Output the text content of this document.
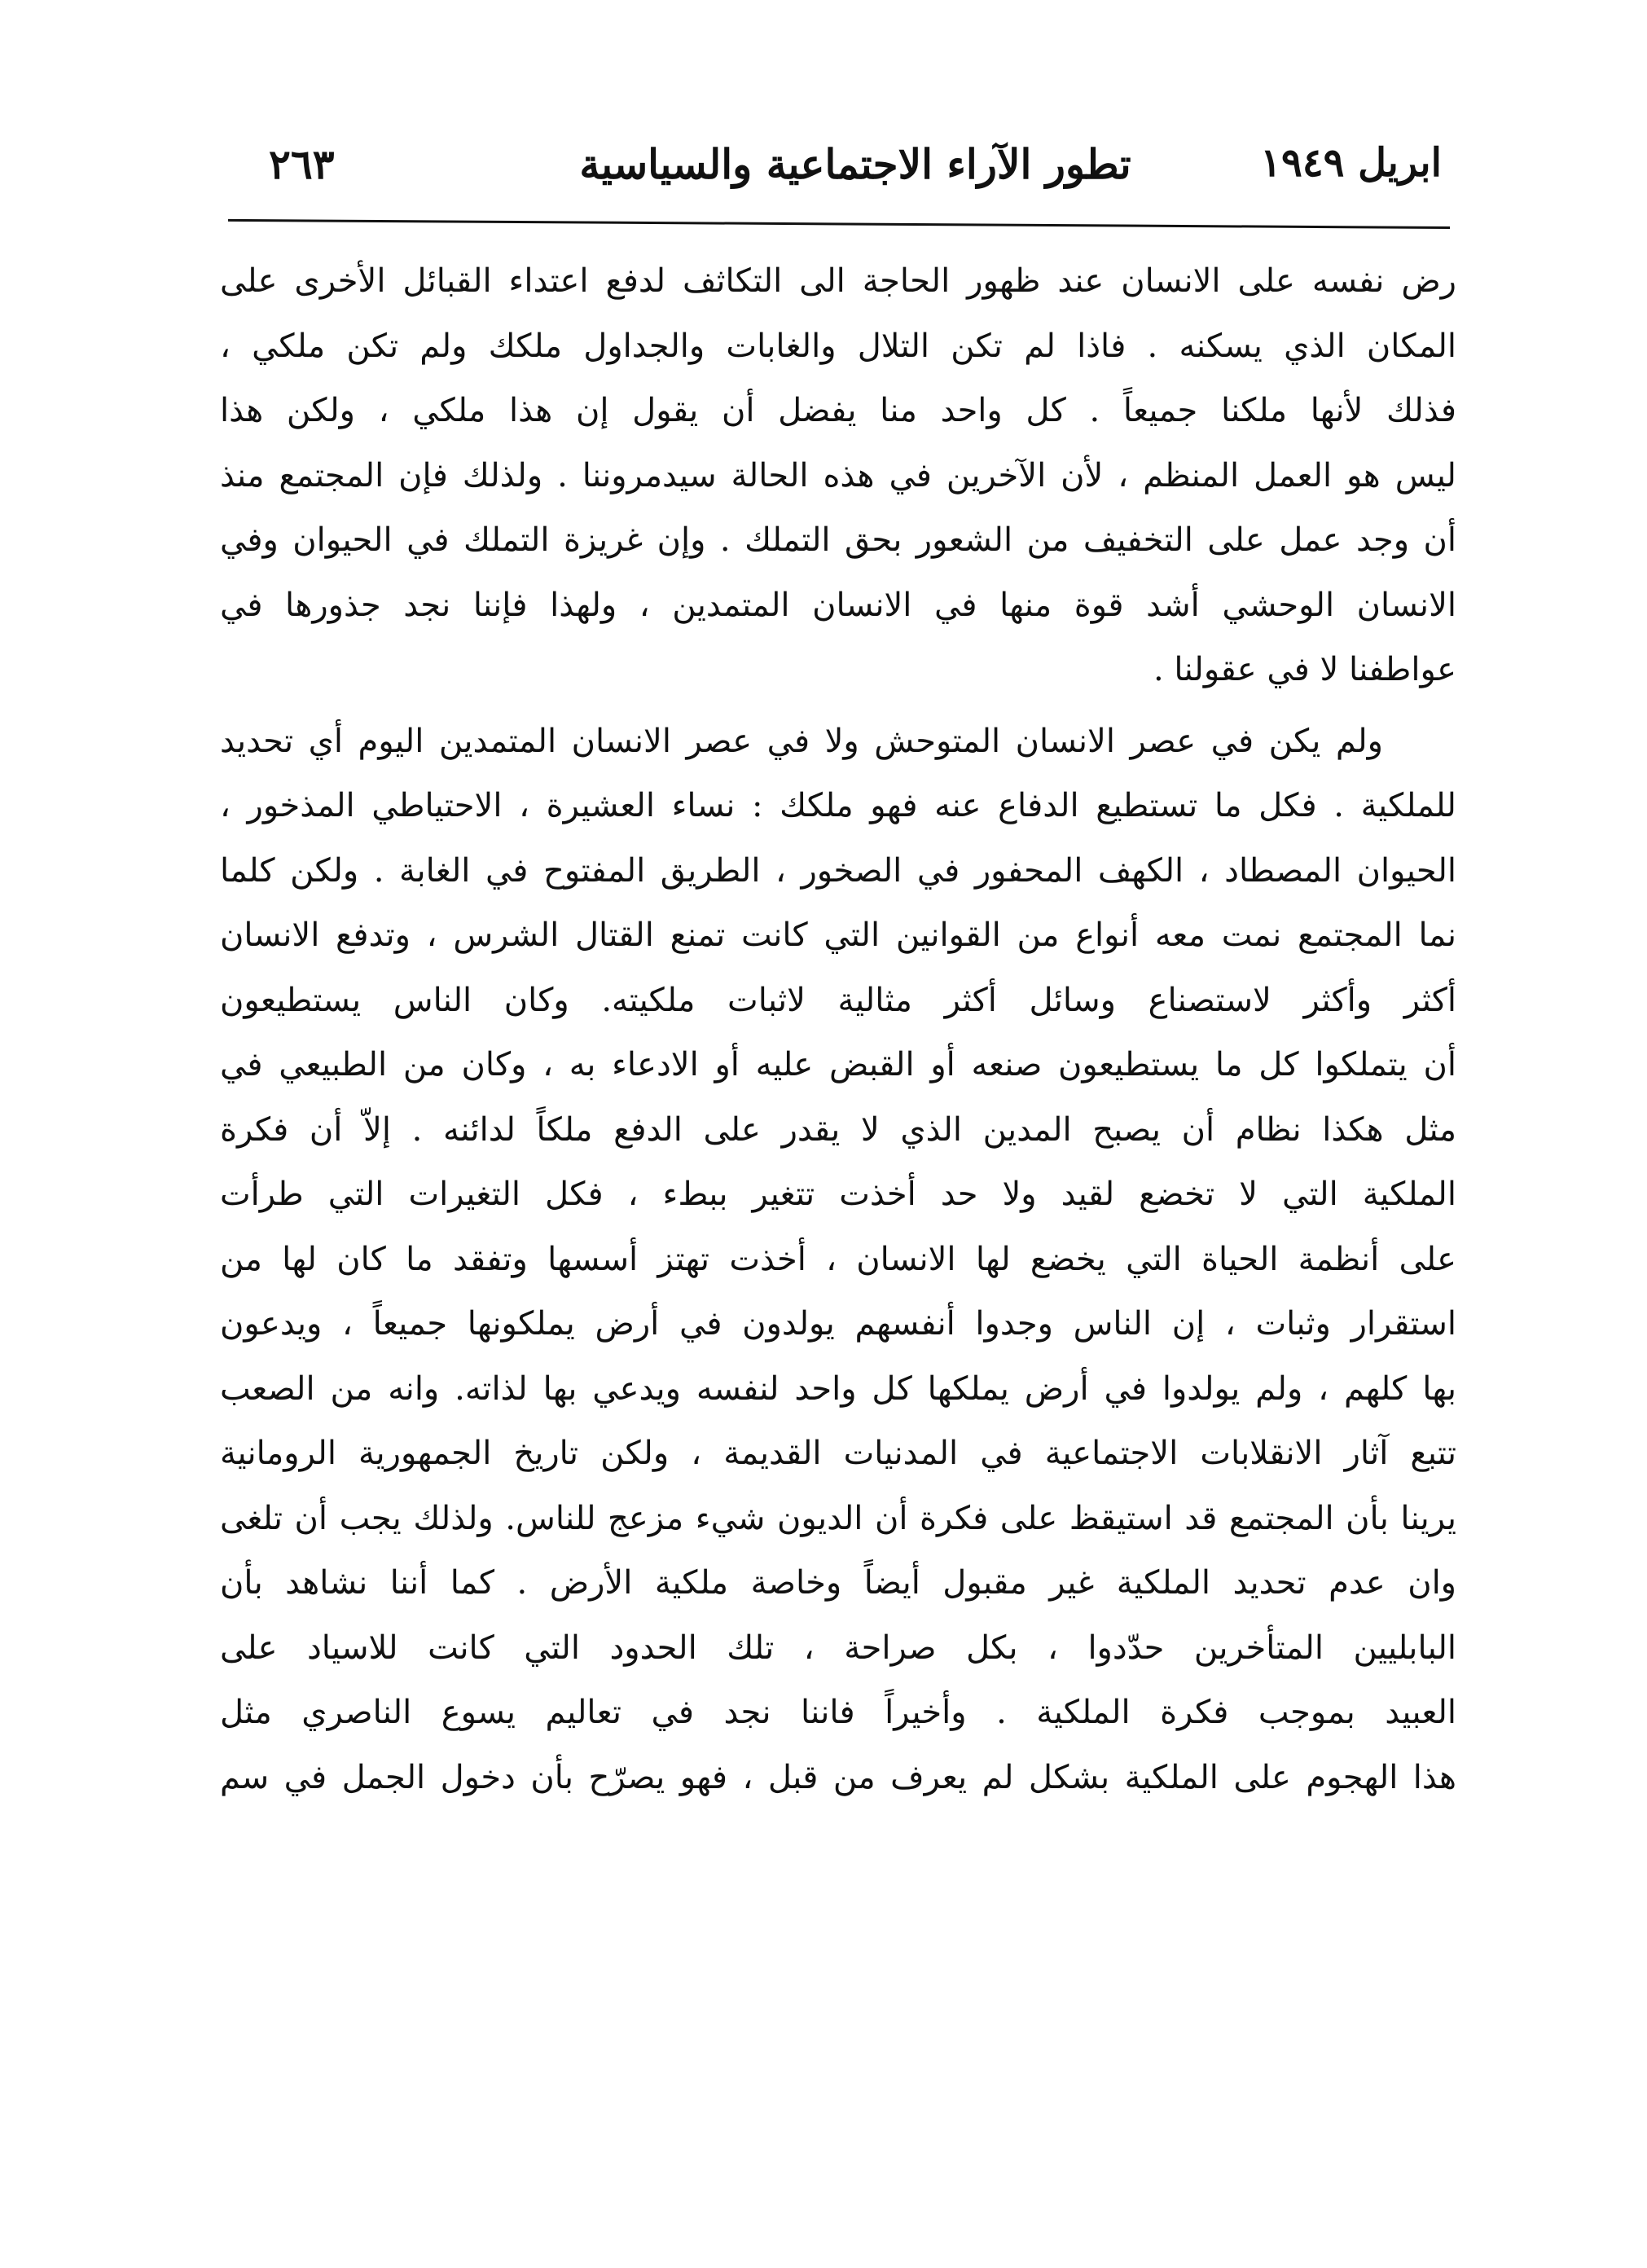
ابريل ١٩٤٩
تطور الآراء الاجتماعية والسياسية
٢٦٣
رض نفسه على الانسان عند ظهور الحاجة الى التكاثف لدفع اعتداء القبائل الأخرى على
المكان الذي يسكنه . فاذا لم تكن التلال والغابات والجداول ملكك ولم تكن ملكي ،
فذلك لأنها ملكنا جميعاً . كل واحد منا يفضل أن يقول إن هذا ملكي ، ولكن هذا
ليس هو العمل المنظم ، لأن الآخرين في هذه الحالة سيدمروننا . ولذلك فإن المجتمع منذ
أن وجد عمل على التخفيف من الشعور بحق التملك . وإن غريزة التملك في الحيوان وفي
الانسان الوحشي أشد قوة منها في الانسان المتمدين ، ولهذا فإننا نجد جذورها في
عواطفنا لا في عقولنا .
ولم يكن في عصر الانسان المتوحش ولا في عصر الانسان المتمدين اليوم أي تحديد
للملكية . فكل ما تستطيع الدفاع عنه فهو ملكك : نساء العشيرة ، الاحتياطي المذخور ،
الحيوان المصطاد ، الكهف المحفور في الصخور ، الطريق المفتوح في الغابة . ولكن كلما
نما المجتمع نمت معه أنواع من القوانين التي كانت تمنع القتال الشرس ، وتدفع الانسان
أكثر وأكثر لاستصناع وسائل أكثر مثالية لاثبات ملكيته. وكان الناس يستطيعون
أن يتملكوا كل ما يستطيعون صنعه أو القبض عليه أو الادعاء به ، وكان من الطبيعي في
مثل هكذا نظام أن يصبح المدين الذي لا يقدر على الدفع ملكاً لدائنه . إلاّ أن فكرة
الملكية التي لا تخضع لقيد ولا حد أخذت تتغير ببطء ، فكل التغيرات التي طرأت
على أنظمة الحياة التي يخضع لها الانسان ، أخذت تهتز أسسها وتفقد ما كان لها من
استقرار وثبات ، إن الناس وجدوا أنفسهم يولدون في أرض يملكونها جميعاً ، ويدعون
بها كلهم ، ولم يولدوا في أرض يملكها كل واحد لنفسه ويدعي بها لذاته. وانه من الصعب
تتبع آثار الانقلابات الاجتماعية في المدنيات القديمة ، ولكن تاريخ الجمهورية الرومانية
يرينا بأن المجتمع قد استيقظ على فكرة أن الديون شيء مزعج للناس. ولذلك يجب أن تلغى
وان عدم تحديد الملكية غير مقبول أيضاً وخاصة ملكية الأرض . كما أننا نشاهد بأن
البابليين المتأخرين حدّدوا ، بكل صراحة ، تلك الحدود التي كانت للاسياد على
العبيد بموجب فكرة الملكية . وأخيراً فاننا نجد في تعاليم يسوع الناصري مثل
هذا الهجوم على الملكية بشكل لم يعرف من قبل ، فهو يصرّح بأن دخول الجمل في سم
